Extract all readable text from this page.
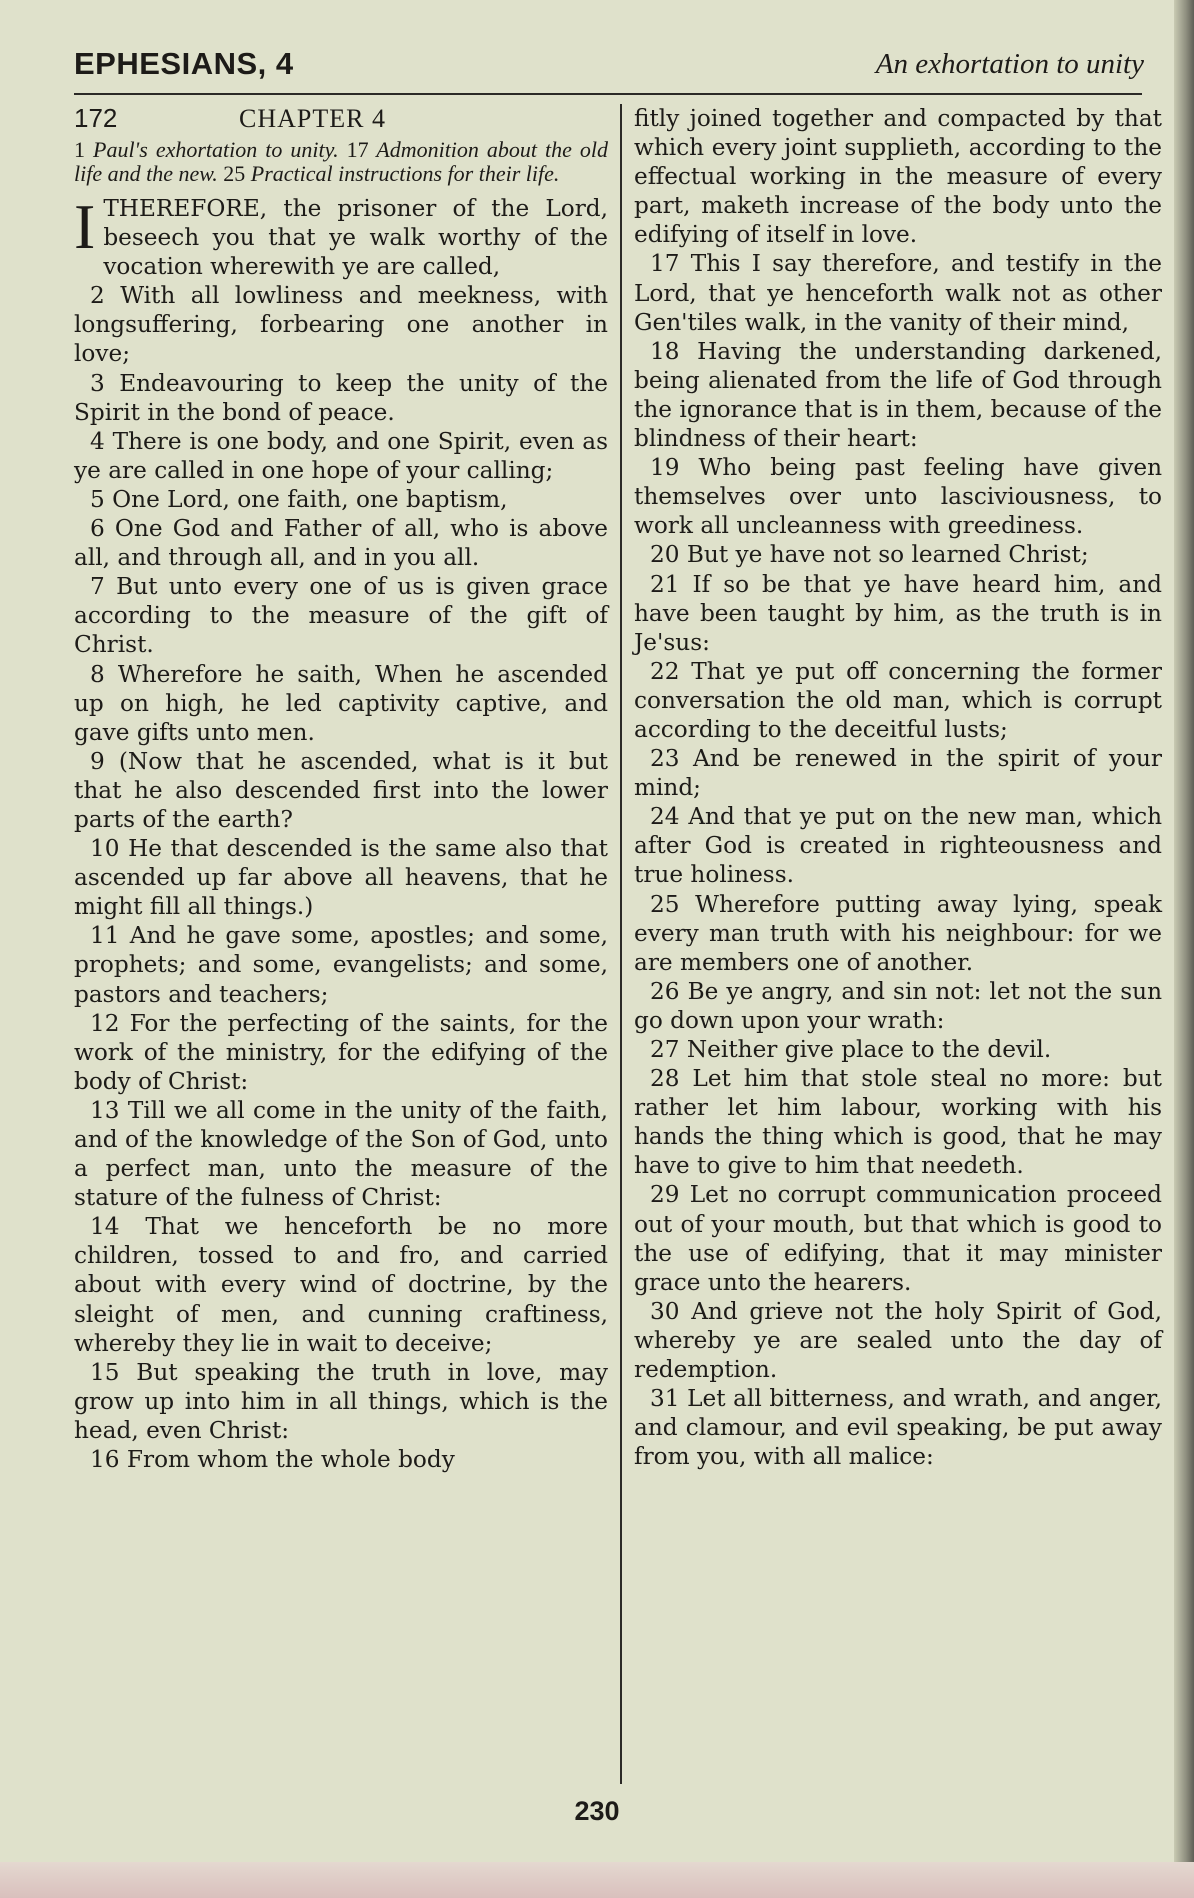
EPHESIANS, 4	An exhortation to unity
172	CHAPTER 4
1 Paul's exhortation to unity. 17 Admonition about the old life and the new. 25 Practical instructions for their life.

ITHEREFORE, the prisoner of the Lord, beseech you that ye walk worthy of the vocation wherewith ye are called,

2 With all lowliness and meekness, with longsuffering, forbearing one another in love;

3 Endeavouring to keep the unity of the Spirit in the bond of peace.

4 There is one body, and one Spirit, even as ye are called in one hope of your calling;

5 One Lord, one faith, one baptism,

6 One God and Father of all, who is above all, and through all, and in you all.

7 But unto every one of us is given grace according to the measure of the gift of Christ.

8 Wherefore he saith, When he ascended up on high, he led captivity captive, and gave gifts unto men.

9 (Now that he ascended, what is it but that he also descended first into the lower parts of the earth?

10 He that descended is the same also that ascended up far above all heavens, that he might fill all things.)

11 And he gave some, apostles; and some, prophets; and some, evangelists; and some, pastors and teachers;

12 For the perfecting of the saints, for the work of the ministry, for the edifying of the body of Christ:

13 Till we all come in the unity of the faith, and of the knowledge of the Son of God, unto a perfect man, unto the measure of the stature of the fulness of Christ:

14 That we henceforth be no more children, tossed to and fro, and carried about with every wind of doctrine, by the sleight of men, and cunning craftiness, whereby they lie in wait to deceive;

15 But speaking the truth in love, may grow up into him in all things, which is the head, even Christ:

16 From whom the whole body

fitly joined together and compacted by that which every joint supplieth, according to the effectual working in the measure of every part, maketh increase of the body unto the edifying of itself in love.

17 This I say therefore, and testify in the Lord, that ye henceforth walk not as other Gen'tiles walk, in the vanity of their mind,

18 Having the understanding darkened, being alienated from the life of God through the ignorance that is in them, because of the blindness of their heart:

19 Who being past feeling have given themselves over unto lasciviousness, to work all uncleanness with greediness.

20 But ye have not so learned Christ;

21 If so be that ye have heard him, and have been taught by him, as the truth is in Je'sus:

22 That ye put off concerning the former conversation the old man, which is corrupt according to the deceitful lusts;

23 And be renewed in the spirit of your mind;

24 And that ye put on the new man, which after God is created in righteousness and true holiness.

25 Wherefore putting away lying, speak every man truth with his neighbour: for we are members one of another.

26 Be ye angry, and sin not: let not the sun go down upon your wrath:

27 Neither give place to the devil.

28 Let him that stole steal no more: but rather let him labour, working with his hands the thing which is good, that he may have to give to him that needeth.

29 Let no corrupt communication proceed out of your mouth, but that which is good to the use of edifying, that it may minister grace unto the hearers.

30 And grieve not the holy Spirit of God, whereby ye are sealed unto the day of redemption.

31 Let all bitterness, and wrath, and anger, and clamour, and evil speaking, be put away from you, with all malice:

230
